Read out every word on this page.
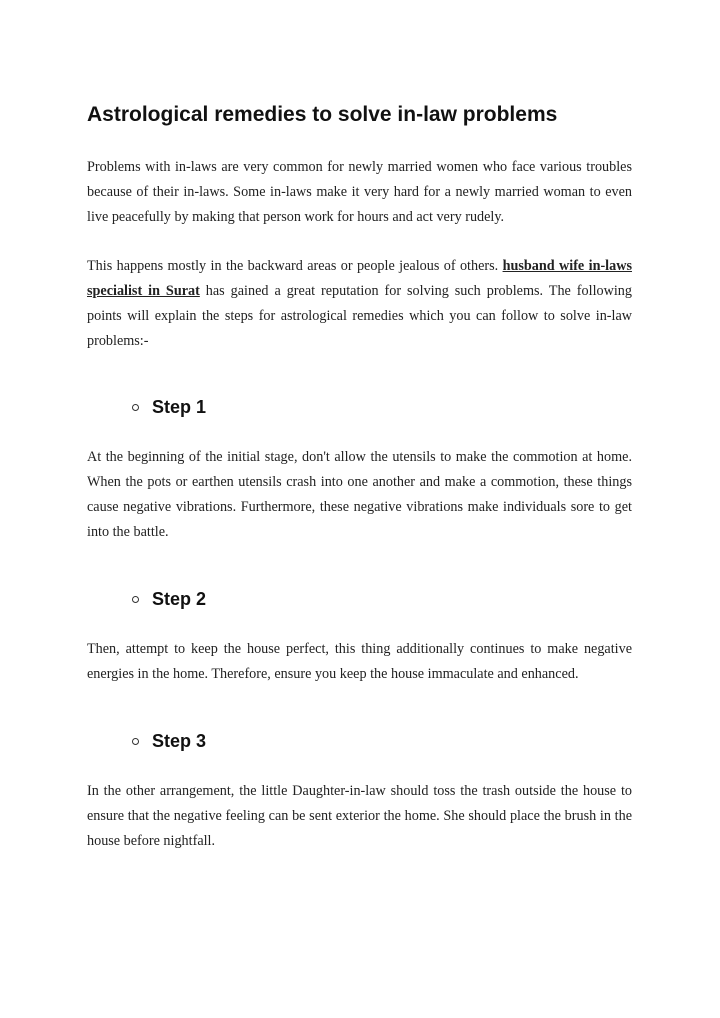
Astrological remedies to solve in-law problems

Problems with in-laws are very common for newly married women who face various troubles because of their in-laws. Some in-laws make it very hard for a newly married woman to even live peacefully by making that person work for hours and act very rudely.

This happens mostly in the backward areas or people jealous of others. husband wife in-laws specialist in Surat has gained a great reputation for solving such problems. The following points will explain the steps for astrological remedies which you can follow to solve in-law problems:-

Step 1

At the beginning of the initial stage, don't allow the utensils to make the commotion at home. When the pots or earthen utensils crash into one another and make a commotion, these things cause negative vibrations. Furthermore, these negative vibrations make individuals sore to get into the battle.

Step 2

Then, attempt to keep the house perfect, this thing additionally continues to make negative energies in the home. Therefore, ensure you keep the house immaculate and enhanced.

Step 3

In the other arrangement, the little Daughter-in-law should toss the trash outside the house to ensure that the negative feeling can be sent exterior the home. She should place the brush in the house before nightfall.
